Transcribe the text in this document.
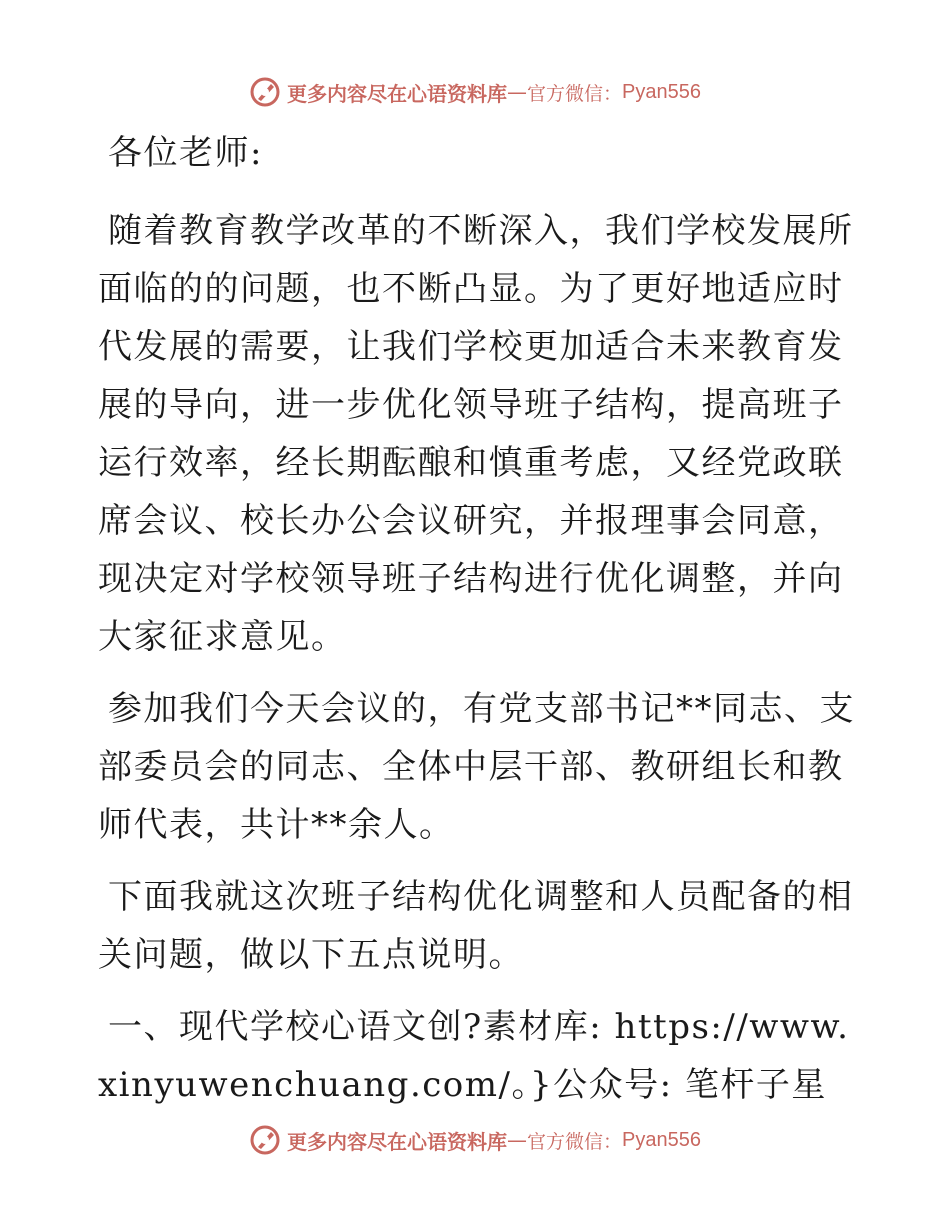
更多内容尽在心语资料库 — 官方微信： Pyan556

各位老师:

随着教育教学改革的不断深入，我们学校发展所面临的的问题，也不断凸显。为了更好地适应时代发展的需要，让我们学校更加适合未来教育发展的导向，进一步优化领导班子结构，提高班子运行效率，经长期酝酿和慎重考虑，又经党政联席会议、校长办公会议研究，并报理事会同意，现决定对学校领导班子结构进行优化调整，并向大家征求意见。

参加我们今天会议的，有党支部书记**同志、支部委员会的同志、全体中层干部、教研组长和教师代表，共计**余人。

下面我就这次班子结构优化调整和人员配备的相关问题，做以下五点说明。

一、现代学校心语文创?素材库: https://www.xinyuwenchuang.com/。}公众号: 笔杆子星

更多内容尽在心语资料库 — 官方微信： Pyan556
